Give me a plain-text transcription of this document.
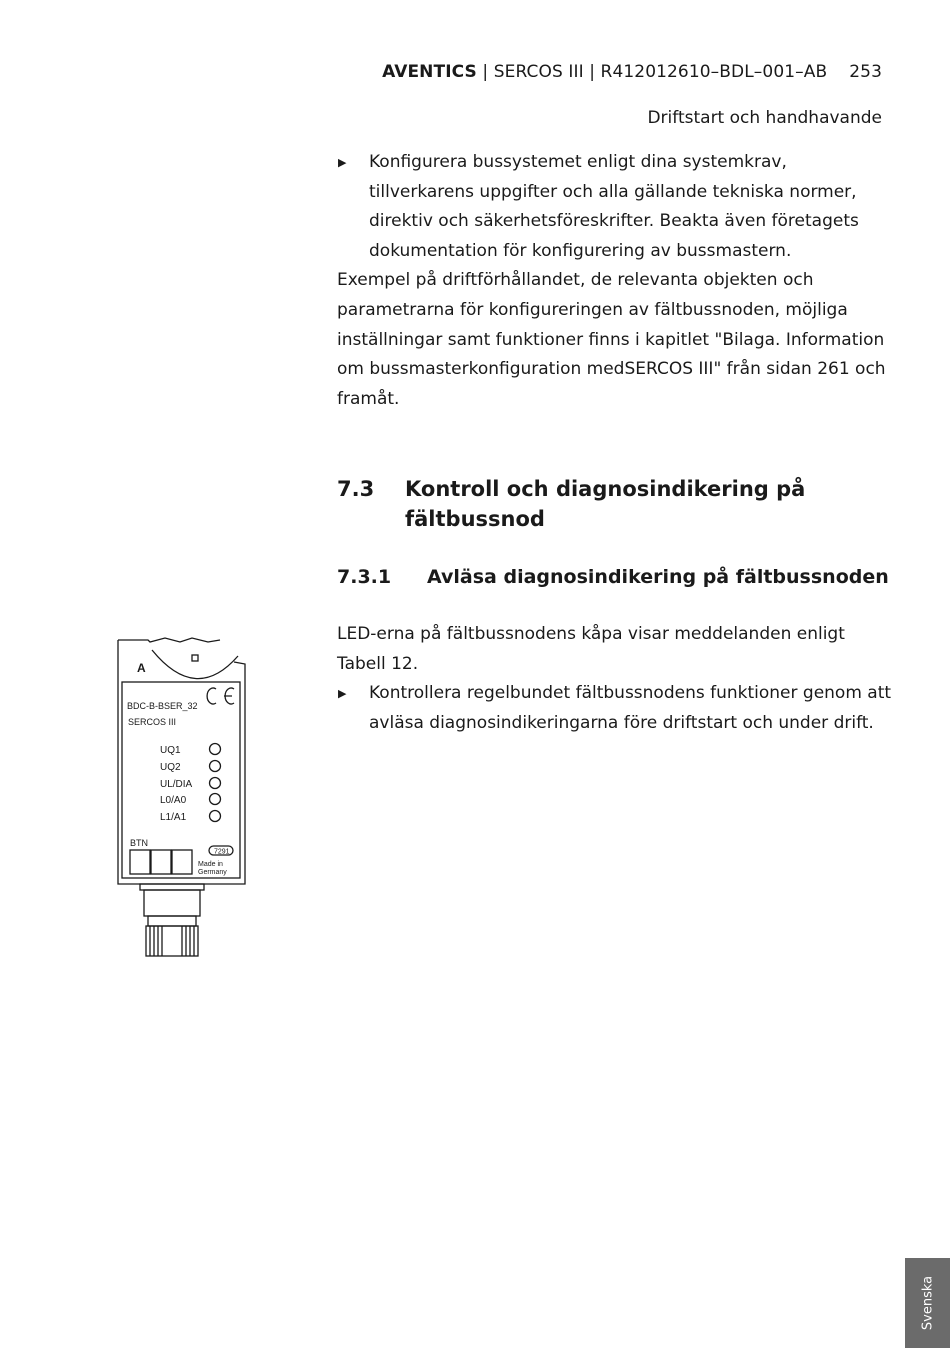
AVENTICS | SERCOS III | R412012610–BDL–001–AB 253
Driftstart och handhavande
▶ Konfigurera bussystemet enligt dina systemkrav, tillverkarens uppgifter och alla gällande tekniska normer, direktiv och säkerhetsföreskrifter. Beakta även företagets dokumentation för konfigurering av bussmastern.

Exempel på driftförhållandet, de relevanta objekten och parametrarna för konfigureringen av fältbussnoden, möjliga inställningar samt funktioner finns i kapitlet "Bilaga. Information om bussmasterkonfiguration medSERCOS III" från sidan 261 och framåt.

7.3 Kontroll och diagnosindikering på fältbussnod
7.3.1 Avläsa diagnosindikering på fältbussnoden

LED-erna på fältbussnodens kåpa visar meddelanden enligt Tabell 12.

▶ Kontrollera regelbundet fältbussnodens funktioner genom att avläsa diagnosindikeringarna före driftstart och under drift.
A
BDC-B-BSER_32
SERCOS III
UQ1
UQ2
UL/DIA
L0/A0
L1/A1
BTN
7291
Made in
Germany
Svenska
